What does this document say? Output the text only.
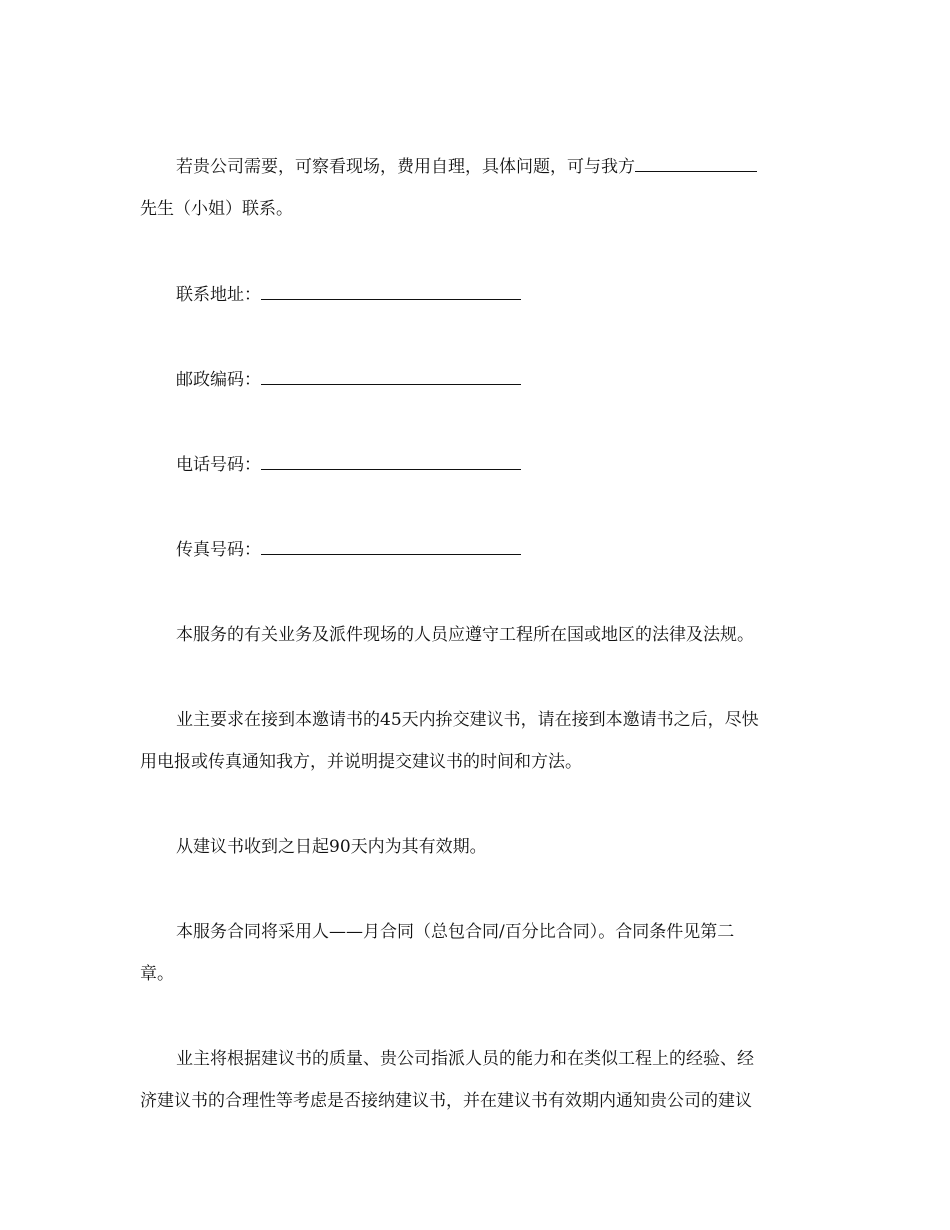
若贵公司需要，可察看现场，费用自理，具体问题，可与我方
先生（小姐）联系。
联系地址：
邮政编码：
电话号码：
传真号码：
本服务的有关业务及派件现场的人员应遵守工程所在国或地区的法律及法规。
业主要求在接到本邀请书的45天内拚交建议书，请在接到本邀请书之后，尽快
用电报或传真通知我方，并说明提交建议书的时间和方法。
从建议书收到之日起90天内为其有效期。
本服务合同将采用人——月合同（总包合同/百分比合同）。合同条件见第二
章。
业主将根据建议书的质量、贵公司指派人员的能力和在类似工程上的经验、经
济建议书的合理性等考虑是否接纳建议书，并在建议书有效期内通知贵公司的建议
